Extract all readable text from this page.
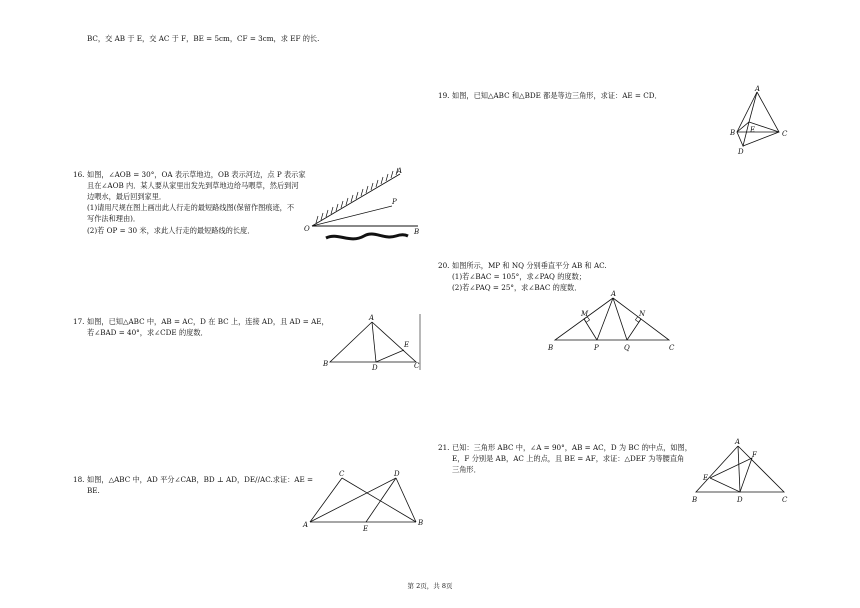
BC，交 AB 于 E，交 AC 于 F，BE = 5cm，CF = 3cm，求 EF 的长.
16. 如图，∠AOB = 30°，OA 表示草地边，OB 表示河边，点 P 表示家
且在∠AOB 内．某人要从家里出发先到草地边给马喂草，然后到河
边喂水，最后回到家里．
(1)请用尺规在图上画出此人行走的最短路线图(保留作图痕迹，不
写作法和理由)．
(2)若 OP = 30 米，求此人行走的最短路线的长度．
A
P
O	B
17. 如图，已知△ABC 中，AB = AC，D 在 BC 上，连接 AD，且 AD = AE，
若∠BAD = 40°，求∠CDE 的度数．
A
B	C
D
E
18. 如图，△ABC 中，AD 平分∠CAB，BD ⊥ AD，DE//AC.求证：AE =
BE.
C	D
A	B
E
19. 如图，已知△ABC 和△BDE 都是等边三角形，求证：AE = CD．
A
B	C
D
E
20. 如图所示，MP 和 NQ 分别垂直平分 AB 和 AC.
(1)若∠BAC = 105°，求∠PAQ 的度数；
(2)若∠PAQ = 25°，求∠BAC 的度数．
A
B	C
M	N
P	Q
21. 已知：三角形 ABC 中，∠A = 90°，AB = AC，D 为 BC 的中点，如图，
E，F 分别是 AB，AC 上的点，且 BE = AF，求证：△DEF 为等腰直角
三角形．
A
B	C
D
E
F
第 2页，共 8页
